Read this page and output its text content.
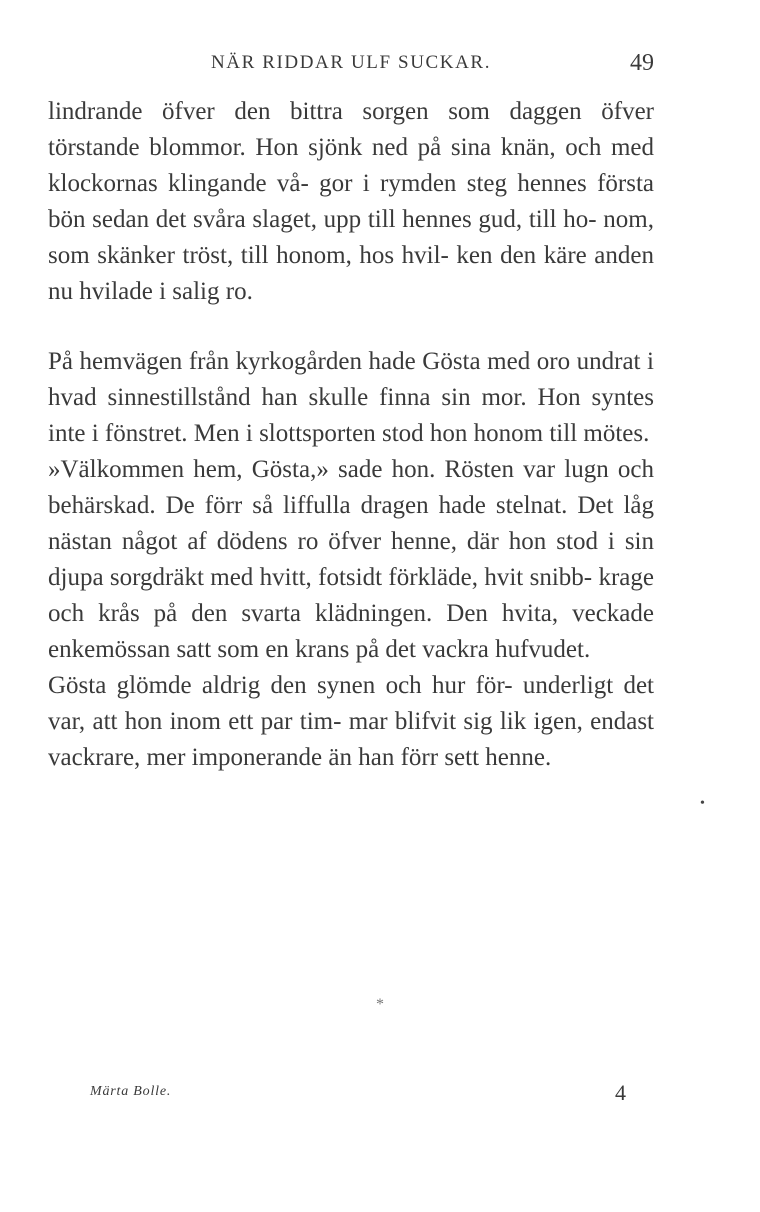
NÄR RIDDAR ULF SUCKAR.	49

lindrande öfver den bittra sorgen som daggen öfver törstande blommor. Hon sjönk ned på sina knän, och med klockornas klingande vå- gor i rymden steg hennes första bön sedan det svåra slaget, upp till hennes gud, till ho- nom, som skänker tröst, till honom, hos hvil- ken den käre anden nu hvilade i salig ro.

På hemvägen från kyrkogården hade Gösta med oro undrat i hvad sinnestillstånd han skulle finna sin mor. Hon syntes inte i fönstret. Men i slottsporten stod hon honom till mötes.

»Välkommen hem, Gösta,» sade hon. Rösten var lugn och behärskad. De förr så liffulla dragen hade stelnat. Det låg nästan något af dödens ro öfver henne, där hon stod i sin djupa sorgdräkt med hvitt, fotsidt förkläde, hvit snibb- krage och krås på den svarta klädningen. Den hvita, veckade enkemössan satt som en krans på det vackra hufvudet.

Gösta glömde aldrig den synen och hur för- underligt det var, att hon inom ett par tim- mar blifvit sig lik igen, endast vackrare, mer imponerande än han förr sett henne.

•
*
Märta Bolle.	4
